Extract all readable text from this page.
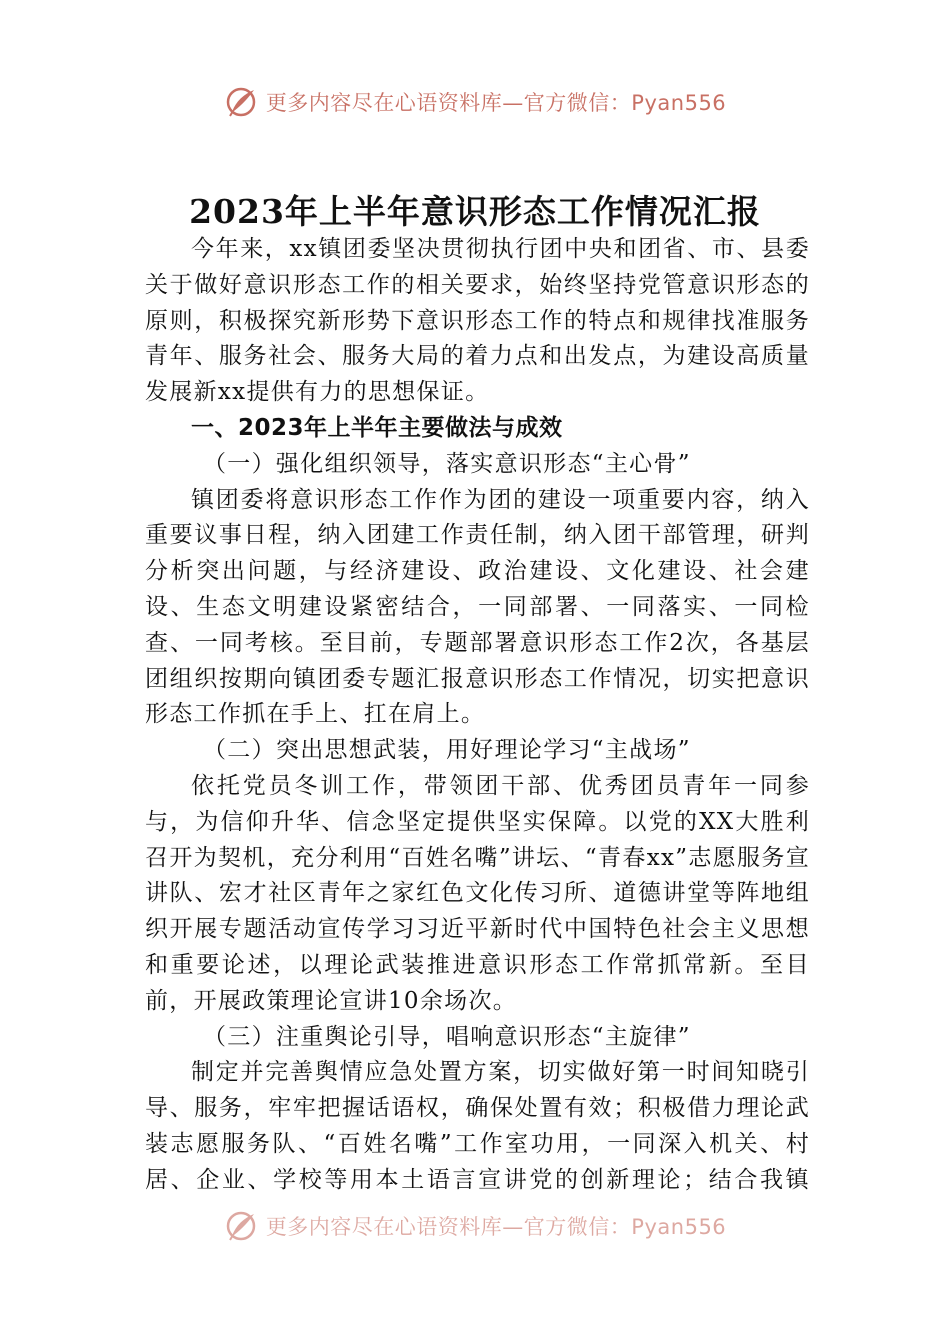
更多内容尽在心语资料库—官方微信：Pyan556
2023年上半年意识形态工作情况汇报

今年来，xx镇团委坚决贯彻执行团中央和团省、市、县委关于做好意识形态工作的相关要求，始终坚持党管意识形态的原则，积极探究新形势下意识形态工作的特点和规律找准服务青年、服务社会、服务大局的着力点和出发点，为建设高质量发展新xx提供有力的思想保证。

一、2023年上半年主要做法与成效

（一）强化组织领导，落实意识形态“主心骨”

镇团委将意识形态工作作为团的建设一项重要内容，纳入重要议事日程，纳入团建工作责任制，纳入团干部管理，研判分析突出问题，与经济建设、政治建设、文化建设、社会建设、生态文明建设紧密结合，一同部署、一同落实、一同检查、一同考核。至目前，专题部署意识形态工作2次，各基层团组织按期向镇团委专题汇报意识形态工作情况，切实把意识形态工作抓在手上、扛在肩上。

（二）突出思想武装，用好理论学习“主战场”

依托党员冬训工作，带领团干部、优秀团员青年一同参与，为信仰升华、信念坚定提供坚实保障。以党的XX大胜利召开为契机，充分利用“百姓名嘴”讲坛、“青春xx”志愿服务宣讲队、宏才社区青年之家红色文化传习所、道德讲堂等阵地组织开展专题活动宣传学习习近平新时代中国特色社会主义思想和重要论述，以理论武装推进意识形态工作常抓常新。至目前，开展政策理论宣讲10余场次。

（三）注重舆论引导，唱响意识形态“主旋律”

制定并完善舆情应急处置方案，切实做好第一时间知晓引导、服务，牢牢把握话语权，确保处置有效；积极借力理论武装志愿服务队、“百姓名嘴”工作室功用，一同深入机关、村居、企业、学校等用本土语言宣讲党的创新理论；结合我镇

更多内容尽在心语资料库—官方微信：Pyan556
